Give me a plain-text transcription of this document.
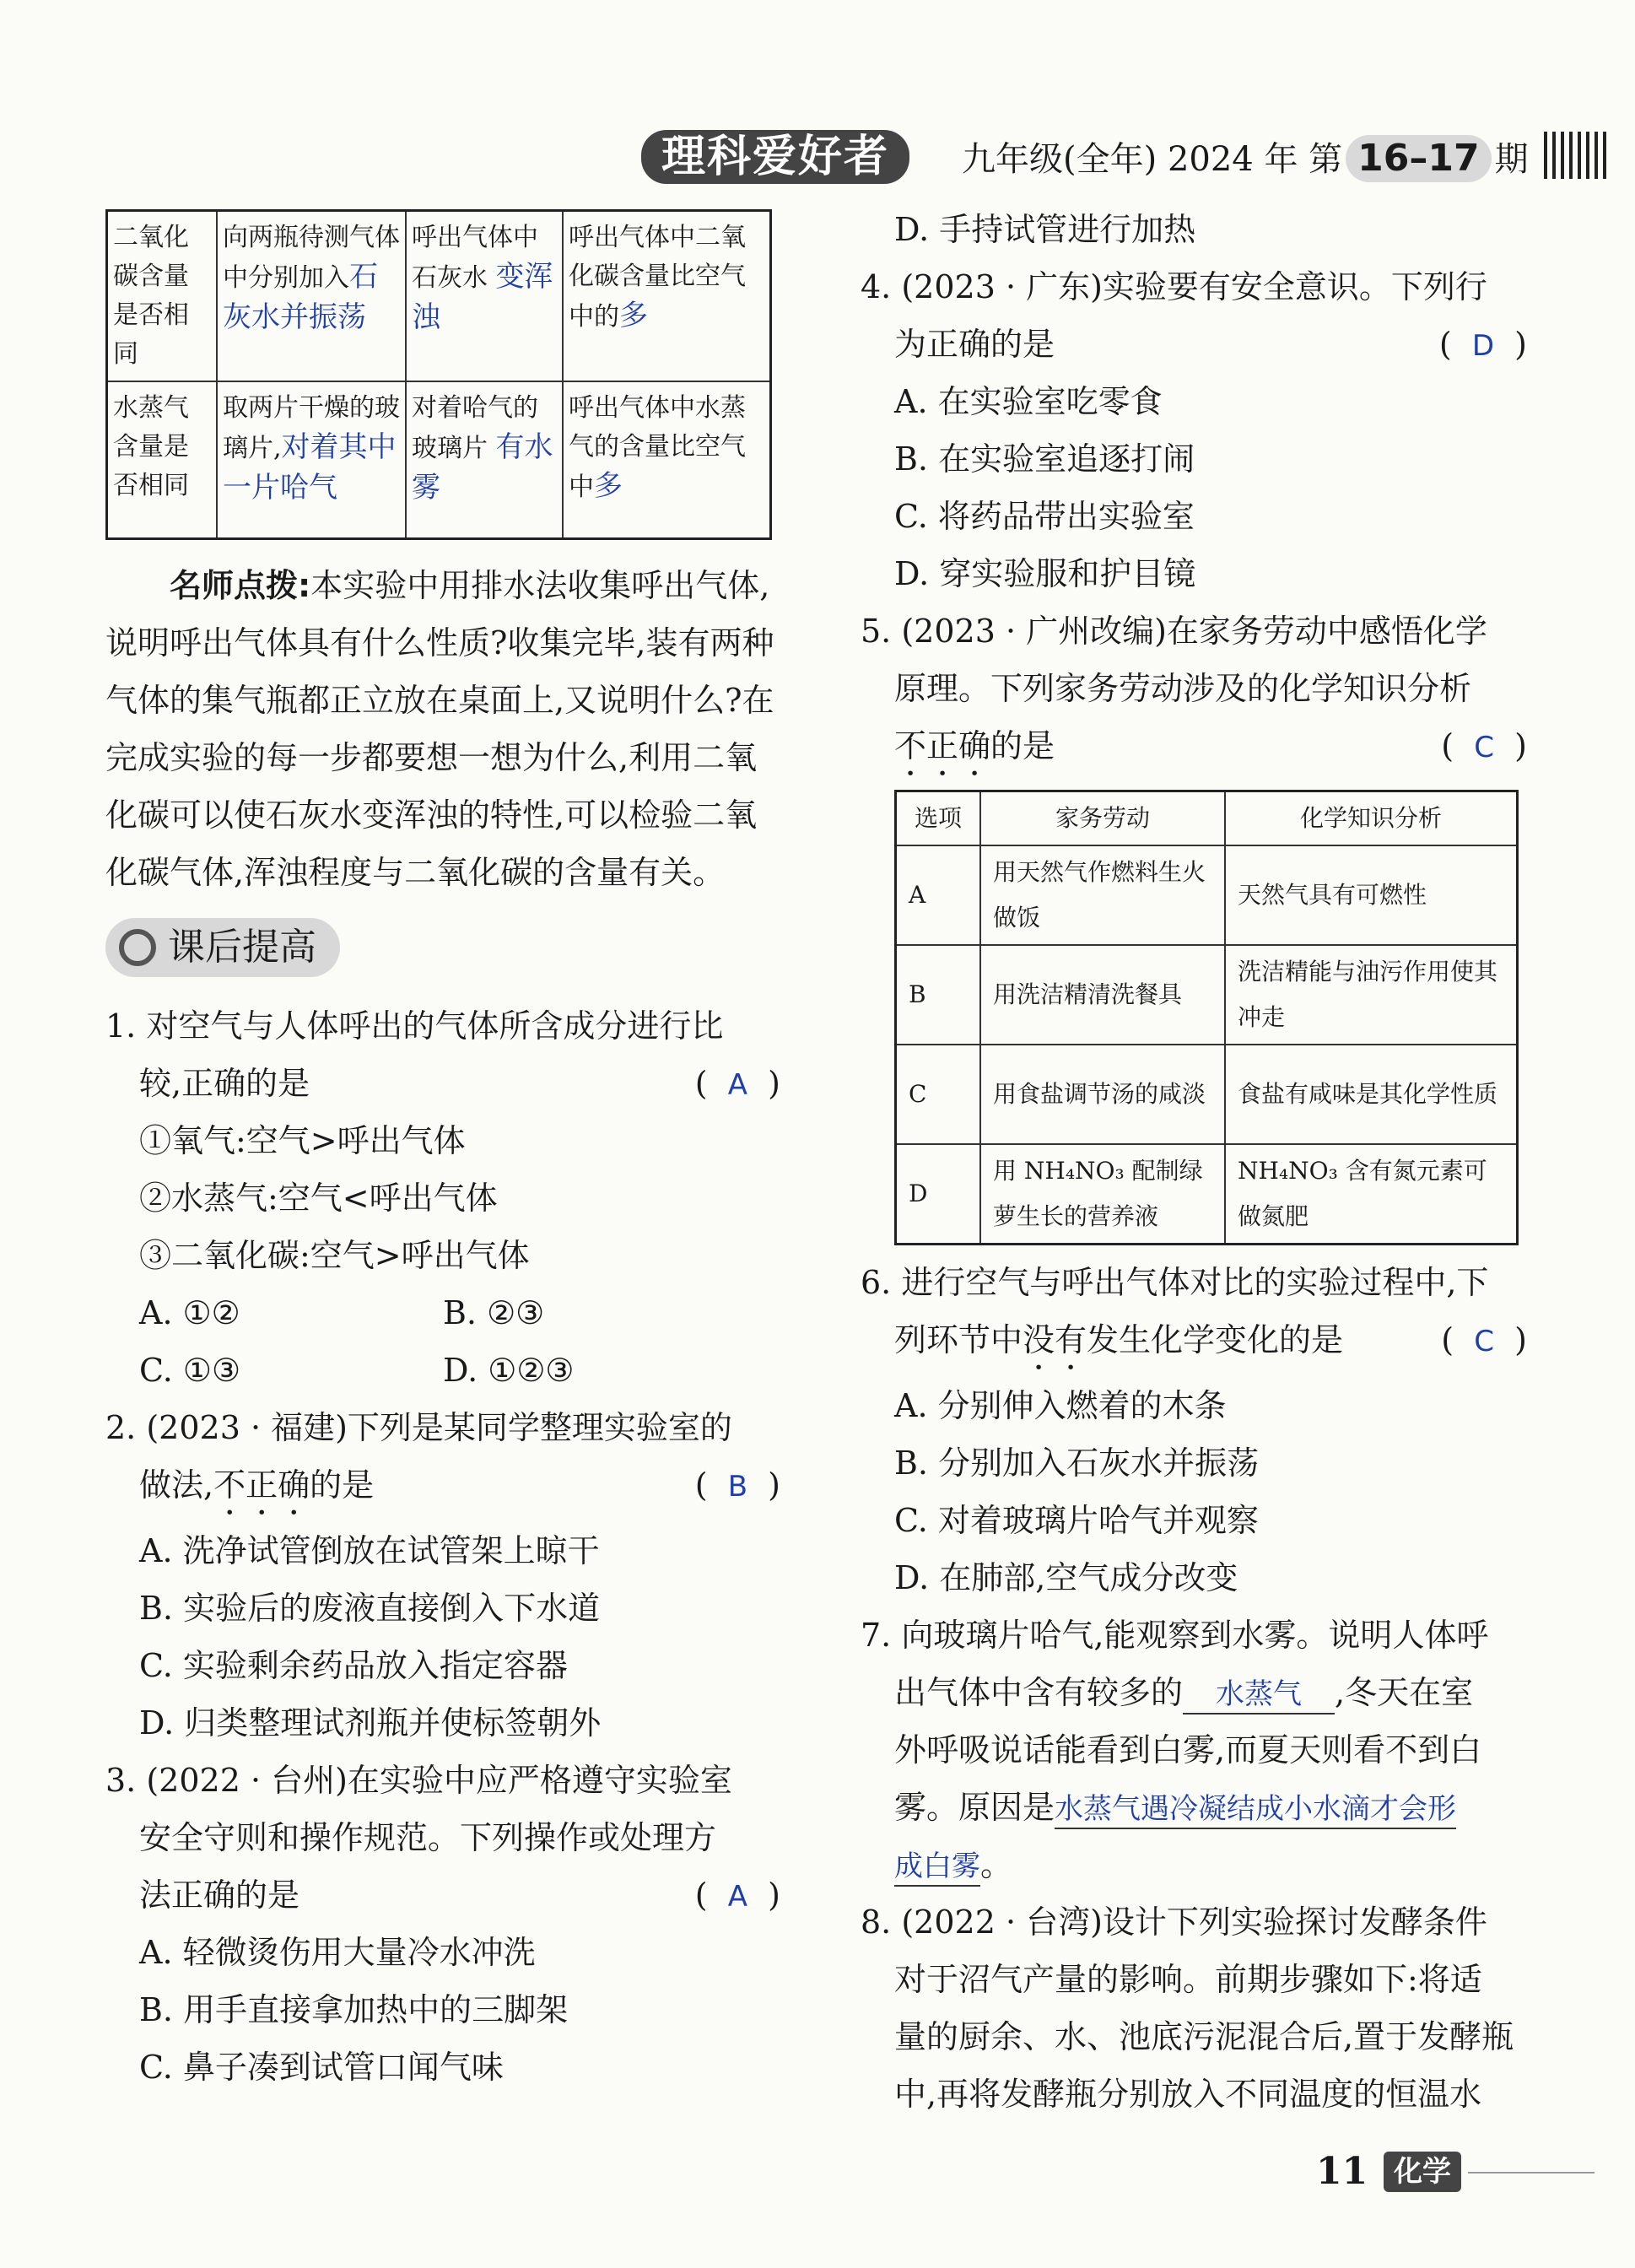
理科爱好者	九年级(全年) 2024 年 第 16–17 期
二氧化碳含量是否相同	向两瓶待测气体中分别加入石灰水并振荡	呼出气体中石灰水 变浑浊	呼出气体中二氧化碳含量比空气中的多
水蒸气含量是否相同	取两片干燥的玻璃片,对着其中一片哈气	对着哈气的玻璃片 有水雾	呼出气体中水蒸气的含量比空气中多

名师点拨:本实验中用排水法收集呼出气体,说明呼出气体具有什么性质?收集完毕,装有两种气体的集气瓶都正立放在桌面上,又说明什么?在完成实验的每一步都要想一想为什么,利用二氧化碳可以使石灰水变浑浊的特性,可以检验二氧化碳气体,浑浊程度与二氧化碳的含量有关。

课后提高

1. 对空气与人体呼出的气体所含成分进行比

较,正确的是	(  A  )

①氧气:空气>呼出气体

②水蒸气:空气<呼出气体

③二氧化碳:空气>呼出气体

A. ①②	B. ②③
C. ①③	D. ①②③

2. (2023 · 福建)下列是某同学整理实验室的

做法,不正确的是	(  B  )

A. 洗净试管倒放在试管架上晾干

B. 实验后的废液直接倒入下水道

C. 实验剩余药品放入指定容器

D. 归类整理试剂瓶并使标签朝外

3. (2022 · 台州)在实验中应严格遵守实验室

安全守则和操作规范。下列操作或处理方

法正确的是	(  A  )

A. 轻微烫伤用大量冷水冲洗

B. 用手直接拿加热中的三脚架

C. 鼻子凑到试管口闻气味

D. 手持试管进行加热

4. (2023 · 广东)实验要有安全意识。下列行

为正确的是	(  D  )

A. 在实验室吃零食

B. 在实验室追逐打闹

C. 将药品带出实验室

D. 穿实验服和护目镜

5. (2023 · 广州改编)在家务劳动中感悟化学

原理。下列家务劳动涉及的化学知识分析

不正确的是	(  C  )

选项	家务劳动	化学知识分析
A	用天然气作燃料生火做饭	天然气具有可燃性
B	用洗洁精清洗餐具	洗洁精能与油污作用使其冲走
C	用食盐调节汤的咸淡	食盐有咸味是其化学性质
D	用 NH₄NO₃ 配制绿萝生长的营养液	NH₄NO₃ 含有氮元素可做氮肥

6. 进行空气与呼出气体对比的实验过程中,下

列环节中没有发生化学变化的是	(  C  )

A. 分别伸入燃着的木条

B. 分别加入石灰水并振荡

C. 对着玻璃片哈气并观察

D. 在肺部,空气成分改变

7. 向玻璃片哈气,能观察到水雾。说明人体呼

出气体中含有较多的 水蒸气 ,冬天在室

外呼吸说话能看到白雾,而夏天则看不到白

雾。原因是水蒸气遇冷凝结成小水滴才会形

成白雾。

8. (2022 · 台湾)设计下列实验探讨发酵条件

对于沼气产量的影响。前期步骤如下:将适

量的厨余、水、池底污泥混合后,置于发酵瓶

中,再将发酵瓶分别放入不同温度的恒温水

11 化学
